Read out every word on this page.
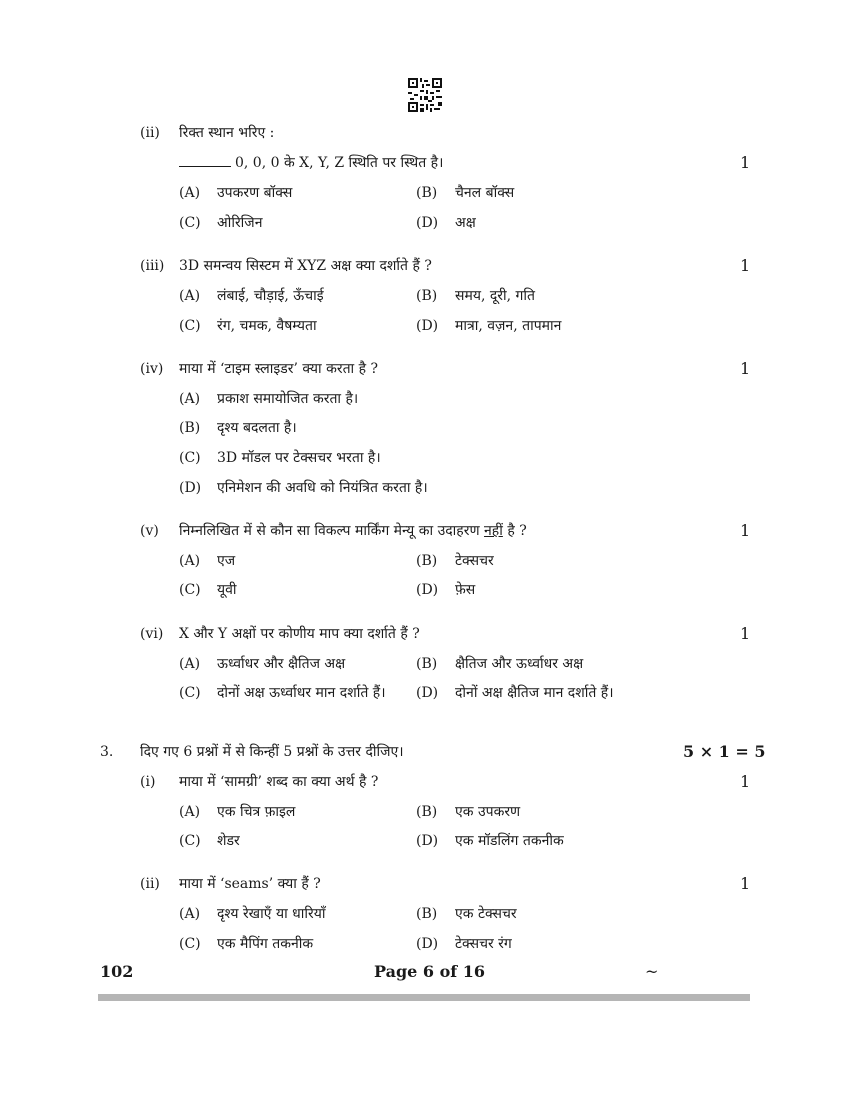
(ii) रिक्त स्थान भरिए :
0, 0, 0 के X, Y, Z स्थिति पर स्थित है।	1
(A) उपकरण बॉक्स	(B) चैनल बॉक्स
(C) ओरिजिन	(D) अक्ष
(iii) 3D समन्वय सिस्टम में XYZ अक्ष क्या दर्शाते हैं ?	1
(A) लंबाई, चौड़ाई, ऊँचाई	(B) समय, दूरी, गति
(C) रंग, चमक, वैषम्यता	(D) मात्रा, वज़न, तापमान
(iv) माया में ‘टाइम स्लाइडर’ क्या करता है ?	1
(A) प्रकाश समायोजित करता है।
(B) दृश्य बदलता है।
(C) 3D मॉडल पर टेक्सचर भरता है।
(D) एनिमेशन की अवधि को नियंत्रित करता है।
(v) निम्नलिखित में से कौन सा विकल्प मार्किंग मेन्यू का उदाहरण नहीं है ?	1
(A) एज	(B) टेक्सचर
(C) यूवी	(D) फ़ेस
(vi) X और Y अक्षों पर कोणीय माप क्या दर्शाते हैं ?	1
(A) ऊर्ध्वाधर और क्षैतिज अक्ष	(B) क्षैतिज और ऊर्ध्वाधर अक्ष
(C) दोनों अक्ष ऊर्ध्वाधर मान दर्शाते हैं। (D) दोनों अक्ष क्षैतिज मान दर्शाते हैं।
3. दिए गए 6 प्रश्नों में से किन्हीं 5 प्रश्नों के उत्तर दीजिए।	5 × 1 = 5
(i) माया में ‘सामग्री’ शब्द का क्या अर्थ है ?	1
(A) एक चित्र फ़ाइल	(B) एक उपकरण
(C) शेडर	(D) एक मॉडलिंग तकनीक
(ii) माया में ‘seams’ क्या हैं ?	1
(A) दृश्य रेखाएँ या धारियाँ	(B) एक टेक्सचर
(C) एक मैपिंग तकनीक	(D) टेक्सचर रंग
102	Page 6 of 16	~
